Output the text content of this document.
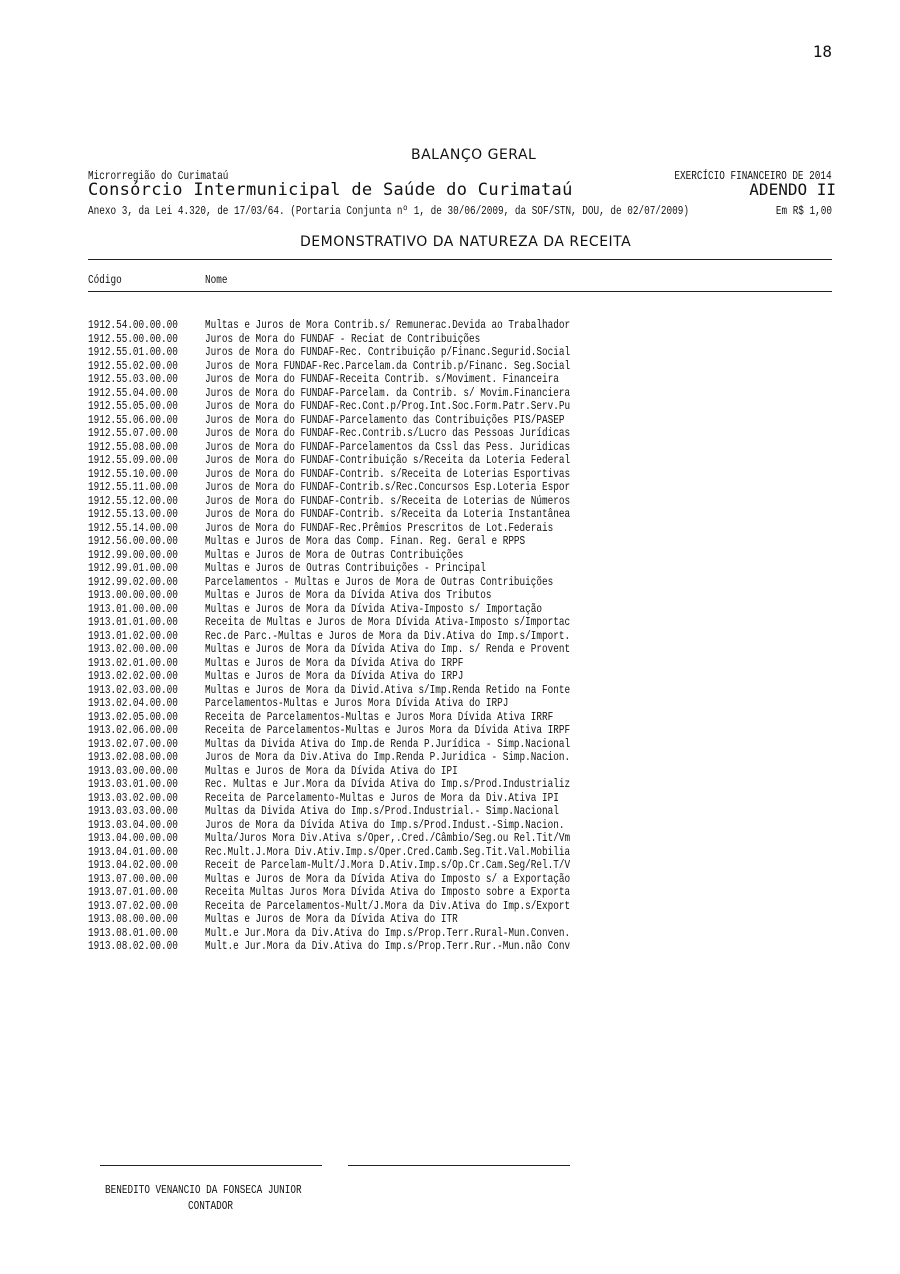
18
BALANÇO GERAL
Microrregião do Curimataú	EXERCÍCIO FINANCEIRO DE 2014
Consórcio Intermunicipal de Saúde do Curimataú	ADENDO II
Anexo 3, da Lei 4.320, de 17/03/64. (Portaria Conjunta nº 1, de 30/06/2009, da SOF/STN, DOU, de 02/07/2009)	Em R$ 1,00
DEMONSTRATIVO DA NATUREZA DA RECEITA
Código	Nome
1912.54.00.00.00 Multas e Juros de Mora Contrib.s/ Remunerac.Devida ao Trabalhador
1912.55.00.00.00 Juros de Mora do FUNDAF - Reciat de Contribuições
1912.55.01.00.00 Juros de Mora do FUNDAF-Rec. Contribuição p/Financ.Segurid.Social
1912.55.02.00.00 Juros de Mora FUNDAF-Rec.Parcelam.da Contrib.p/Financ. Seg.Social
1912.55.03.00.00 Juros de Mora do FUNDAF-Receita Contrib. s/Moviment. Financeira
1912.55.04.00.00 Juros de Mora do FUNDAF-Parcelam. da Contrib. s/ Movim.Financiera
1912.55.05.00.00 Juros de Mora do FUNDAF-Rec.Cont.p/Prog.Int.Soc.Form.Patr.Serv.Pu
1912.55.06.00.00 Juros de Mora do FUNDAF-Parcelamento das Contribuições PIS/PASEP
1912.55.07.00.00 Juros de Mora do FUNDAF-Rec.Contrib.s/Lucro das Pessoas Jurídicas
1912.55.08.00.00 Juros de Mora do FUNDAF-Parcelamentos da Cssl das Pess. Juridicas
1912.55.09.00.00 Juros de Mora do FUNDAF-Contribuição s/Receita da Loteria Federal
1912.55.10.00.00 Juros de Mora do FUNDAF-Contrib. s/Receita de Loterias Esportivas
1912.55.11.00.00 Juros de Mora do FUNDAF-Contrib.s/Rec.Concursos Esp.Loteria Espor
1912.55.12.00.00 Juros de Mora do FUNDAF-Contrib. s/Receita de Loterias de Números
1912.55.13.00.00 Juros de Mora do FUNDAF-Contrib. s/Receita da Loteria Instantânea
1912.55.14.00.00 Juros de Mora do FUNDAF-Rec.Prêmios Prescritos de Lot.Federais
1912.56.00.00.00 Multas e Juros de Mora das Comp. Finan. Reg. Geral e RPPS
1912.99.00.00.00 Multas e Juros de Mora de Outras Contribuições
1912.99.01.00.00 Multas e Juros de Outras Contribuições - Principal
1912.99.02.00.00 Parcelamentos - Multas e Juros de Mora de Outras Contribuições
1913.00.00.00.00 Multas e Juros de Mora da Dívida Ativa dos Tributos
1913.01.00.00.00 Multas e Juros de Mora da Dívida Ativa-Imposto s/ Importação
1913.01.01.00.00 Receita de Multas e Juros de Mora Dívida Ativa-Imposto s/Importac
1913.01.02.00.00 Rec.de Parc.-Multas e Juros de Mora da Div.Ativa do Imp.s/Import.
1913.02.00.00.00 Multas e Juros de Mora da Dívida Ativa do Imp. s/ Renda e Provent
1913.02.01.00.00 Multas e Juros de Mora da Dívida Ativa do IRPF
1913.02.02.00.00 Multas e Juros de Mora da Dívida Ativa do IRPJ
1913.02.03.00.00 Multas e Juros de Mora da Divid.Ativa s/Imp.Renda Retido na Fonte
1913.02.04.00.00 Parcelamentos-Multas e Juros Mora Dívida Ativa do IRPJ
1913.02.05.00.00 Receita de Parcelamentos-Multas e Juros Mora Dívida Ativa IRRF
1913.02.06.00.00 Receita de Parcelamentos-Multas e Juros Mora da Dívida Ativa IRPF
1913.02.07.00.00 Multas da Divida Ativa do Imp.de Renda P.Jurídica - Simp.Nacional
1913.02.08.00.00 Juros de Mora da Div.Ativa do Imp.Renda P.Juridica - Simp.Nacion.
1913.03.00.00.00 Multas e Juros de Mora da Dívida Ativa do IPI
1913.03.01.00.00 Rec. Multas e Jur.Mora da Dívida Ativa do Imp.s/Prod.Industrializ
1913.03.02.00.00 Receita de Parcelamento-Multas e Juros de Mora da Div.Ativa IPI
1913.03.03.00.00 Multas da Divida Ativa do Imp.s/Prod.Industrial.- Simp.Nacional
1913.03.04.00.00 Juros de Mora da Dívida Ativa do Imp.s/Prod.Indust.-Simp.Nacion.
1913.04.00.00.00 Multa/Juros Mora Div.Ativa s/Oper,.Cred./Câmbio/Seg.ou Rel.Tit/Vm
1913.04.01.00.00 Rec.Mult.J.Mora Div.Ativ.Imp.s/Oper.Cred.Camb.Seg.Tit.Val.Mobilia
1913.04.02.00.00 Receit de Parcelam-Mult/J.Mora D.Ativ.Imp.s/Op.Cr.Cam.Seg/Rel.T/V
1913.07.00.00.00 Multas e Juros de Mora da Dívida Ativa do Imposto s/ a Exportação
1913.07.01.00.00 Receita Multas Juros Mora Dívida Ativa do Imposto sobre a Exporta
1913.07.02.00.00 Receita de Parcelamentos-Mult/J.Mora da Div.Ativa do Imp.s/Export
1913.08.00.00.00 Multas e Juros de Mora da Dívida Ativa do ITR
1913.08.01.00.00 Mult.e Jur.Mora da Div.Ativa do Imp.s/Prop.Terr.Rural-Mun.Conven.
1913.08.02.00.00 Mult.e Jur.Mora da Div.Ativa do Imp.s/Prop.Terr.Rur.-Mun.não Conv
BENEDITO VENANCIO DA FONSECA JUNIOR
CONTADOR
